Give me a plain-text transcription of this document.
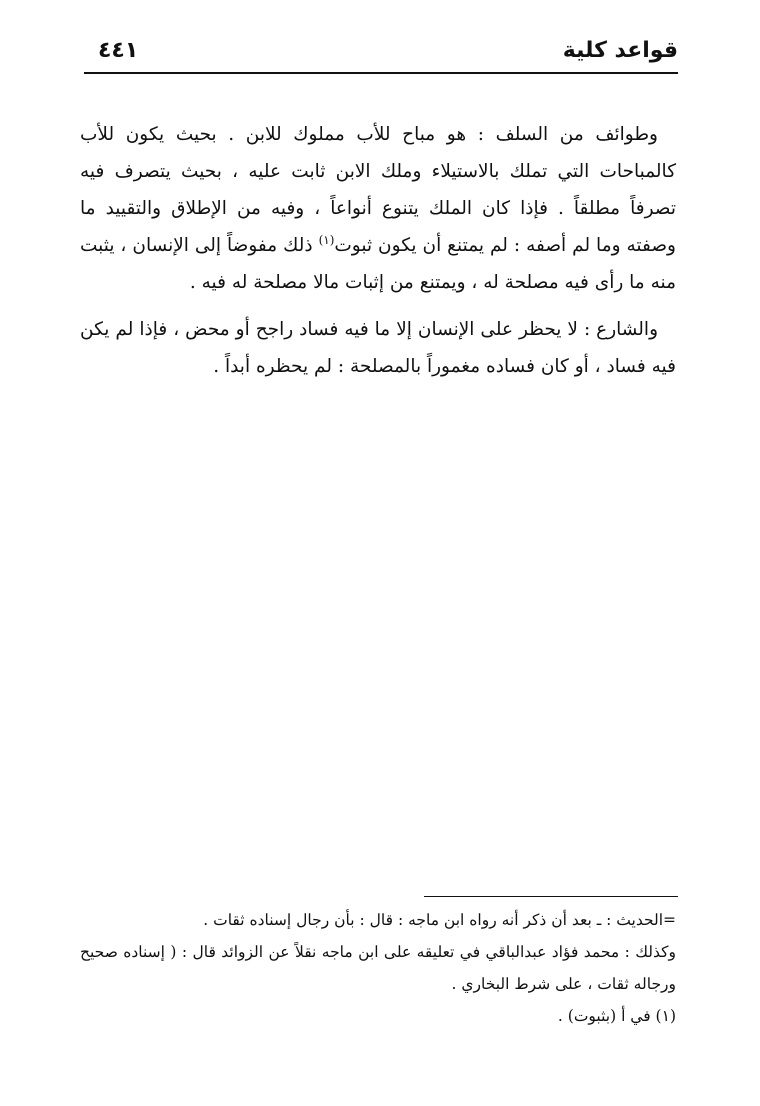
قواعد كلية
٤٤١

وطوائف من السلف : هو مباح للأب مملوك للابن . بحيث يكون للأب كالمباحات التي تملك بالاستيلاء وملك الابن ثابت عليه ، بحيث يتصرف فيه تصرفاً مطلقاً . فإذا كان الملك يتنوع أنواعاً ، وفيه من الإطلاق والتقييد ما وصفته وما لم أصفه : لم يمتنع أن يكون ثبوت$^{(١)}$ ذلك مفوضاً إلى الإنسان ، يثبت منه ما رأى فيه مصلحة له ، ويمتنع من إثبات مالا مصلحة له فيه .

والشارع : لا يحظر على الإنسان إلا ما فيه فساد راجح أو محض ، فإذا لم يكن فيه فساد ، أو كان فساده مغموراً بالمصلحة : لم يحظره أبداً .

=الحديث : ـ بعد أن ذكر أنه رواه ابن ماجه : قال : بأن رجال إسناده ثقات .

وكذلك : محمد فؤاد عبدالباقي في تعليقه على ابن ماجه نقلاً عن الزوائد قال : ( إسناده صحيح ورجاله ثقات ، على شرط البخاري .

(١) في أ (بثبوت) .
